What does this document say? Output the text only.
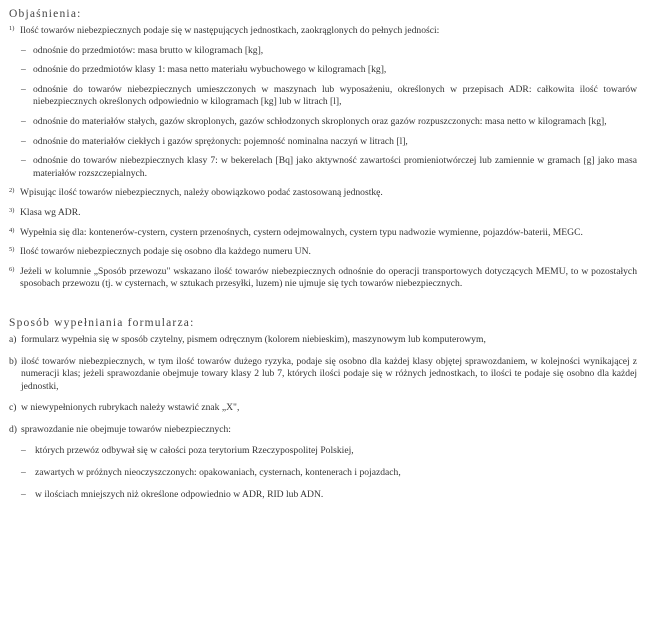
Objaśnienia:
1) Ilość towarów niebezpiecznych podaje się w następujących jednostkach, zaokrąglonych do pełnych jedności:
– odnośnie do przedmiotów: masa brutto w kilogramach [kg],
– odnośnie do przedmiotów klasy 1: masa netto materiału wybuchowego w kilogramach [kg],
– odnośnie do towarów niebezpiecznych umieszczonych w maszynach lub wyposażeniu, określonych w przepisach ADR: całkowita ilość towarów niebezpiecznych określonych odpowiednio w kilogramach [kg] lub w litrach [l],
– odnośnie do materiałów stałych, gazów skroplonych, gazów schłodzonych skroplonych oraz gazów rozpuszczonych: masa netto w kilogramach [kg],
– odnośnie do materiałów ciekłych i gazów sprężonych: pojemność nominalna naczyń w litrach [l],
– odnośnie do towarów niebezpiecznych klasy 7: w bekerelach [Bq] jako aktywność zawartości promieniotwórczej lub zamiennie w gramach [g] jako masa materiałów rozszczepialnych.
2) Wpisując ilość towarów niebezpiecznych, należy obowiązkowo podać zastosowaną jednostkę.
3) Klasa wg ADR.
4) Wypełnia się dla: kontenerów-cystern, cystern przenośnych, cystern odejmowalnych, cystern typu nadwozie wymienne, pojazdów-baterii, MEGC.
5) Ilość towarów niebezpiecznych podaje się osobno dla każdego numeru UN.
6) Jeżeli w kolumnie „Sposób przewozu" wskazano ilość towarów niebezpiecznych odnośnie do operacji transportowych dotyczących MEMU, to w pozostałych sposobach przewozu (tj. w cysternach, w sztukach przesyłki, luzem) nie ujmuje się tych towarów niebezpiecznych.
Sposób wypełniania formularza:
a) formularz wypełnia się w sposób czytelny, pismem odręcznym (kolorem niebieskim), maszynowym lub komputerowym,
b) ilość towarów niebezpiecznych, w tym ilość towarów dużego ryzyka, podaje się osobno dla każdej klasy objętej sprawozdaniem, w kolejności wynikającej z numeracji klas; jeżeli sprawozdanie obejmuje towary klasy 2 lub 7, których ilości podaje się w różnych jednostkach, to ilości te podaje się osobno dla każdej jednostki,
c) w niewypełnionych rubrykach należy wstawić znak „X",
d) sprawozdanie nie obejmuje towarów niebezpiecznych:
– których przewóz odbywał się w całości poza terytorium Rzeczypospolitej Polskiej,
– zawartych w próżnych nieoczyszczonych: opakowaniach, cysternach, kontenerach i pojazdach,
– w ilościach mniejszych niż określone odpowiednio w ADR, RID lub ADN.
